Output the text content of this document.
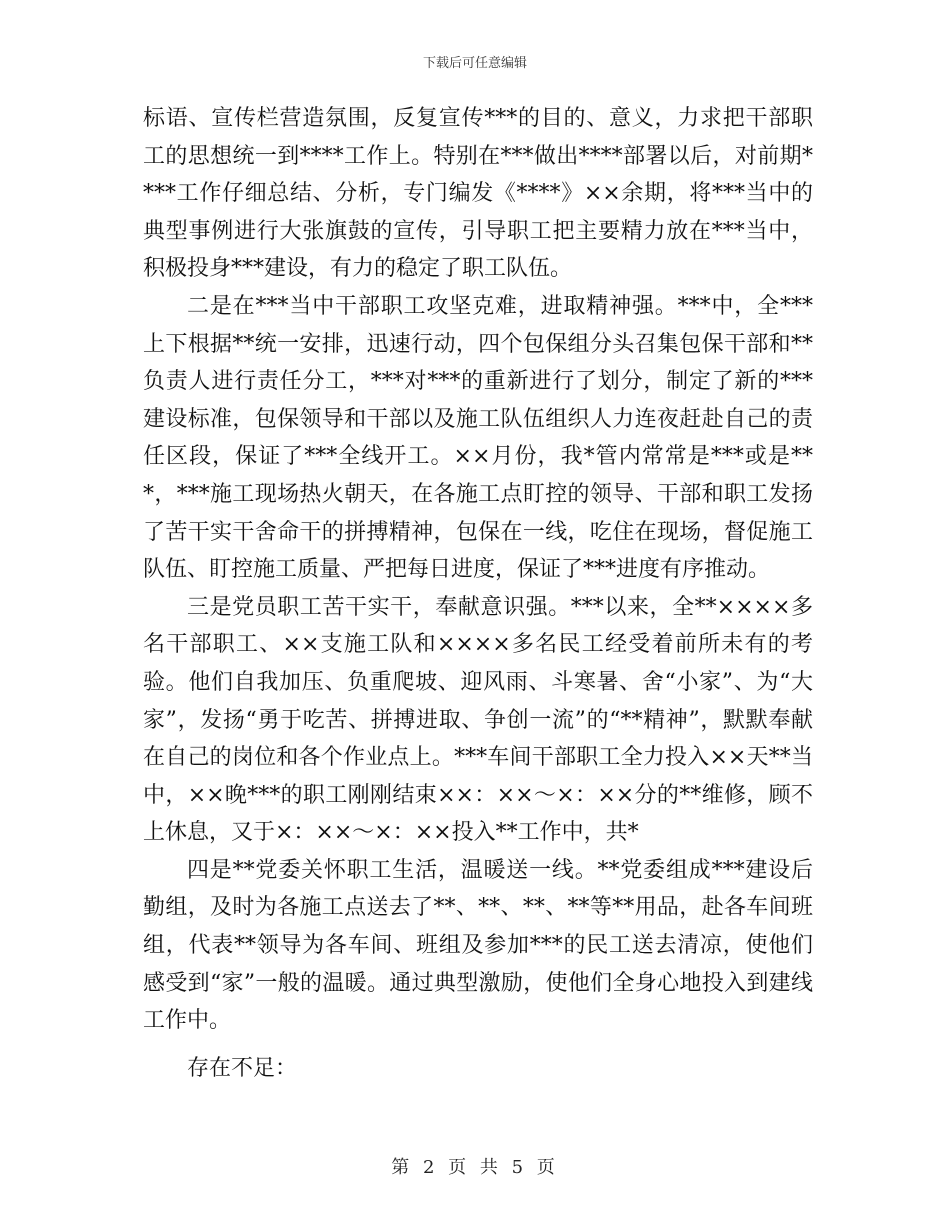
下载后可任意编辑

标语、宣传栏营造氛围，反复宣传***的目的、意义，力求把干部职工的思想统一到****工作上。特别在***做出****部署以后，对前期****工作仔细总结、分析，专门编发《****》××余期，将***当中的典型事例进行大张旗鼓的宣传，引导职工把主要精力放在***当中，积极投身***建设，有力的稳定了职工队伍。

二是在***当中干部职工攻坚克难，进取精神强。***中，全***上下根据**统一安排，迅速行动，四个包保组分头召集包保干部和**负责人进行责任分工，***对***的重新进行了划分，制定了新的***建设标准，包保领导和干部以及施工队伍组织人力连夜赶赴自己的责任区段，保证了***全线开工。××月份，我*管内常常是***或是***，***施工现场热火朝天，在各施工点盯控的领导、干部和职工发扬了苦干实干舍命干的拼搏精神，包保在一线，吃住在现场，督促施工队伍、盯控施工质量、严把每日进度，保证了***进度有序推动。

三是党员职工苦干实干，奉献意识强。***以来，全**××××多名干部职工、××支施工队和××××多名民工经受着前所未有的考验。他们自我加压、负重爬坡、迎风雨、斗寒暑、舍“小家”、为“大家”，发扬“勇于吃苦、拼搏进取、争创一流”的“**精神”，默默奉献在自己的岗位和各个作业点上。***车间干部职工全力投入××天**当中，××晚***的职工刚刚结束××：××～×：××分的**维修，顾不上休息，又于×：××～×：××投入**工作中，共*

四是**党委关怀职工生活，温暖送一线。**党委组成***建设后勤组，及时为各施工点送去了**、**、**、**等**用品，赴各车间班组，代表**领导为各车间、班组及参加***的民工送去清凉，使他们感受到“家”一般的温暖。通过典型激励，使他们全身心地投入到建线工作中。

存在不足：

第 2 页 共 5 页
